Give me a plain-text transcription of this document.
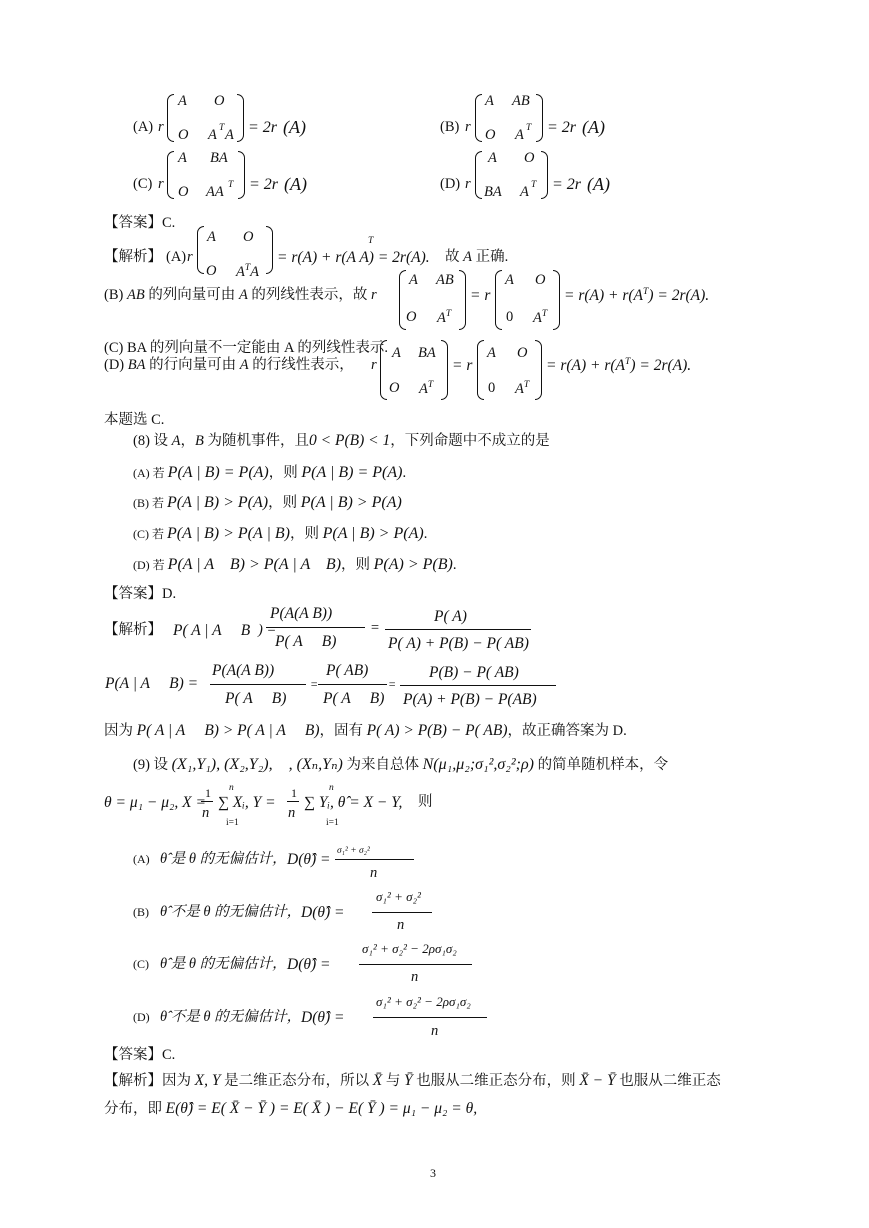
(A) r
A O
O A T A = 2r (A)	(B) r
A AB
O A T = 2r (A)
(C) r
A BA
O AA T = 2r (A)	(D) r
A O
BA A T = 2r (A)
【答案】C.
【解析】 (A) r
A O
O $A^TA$
T
= r(A) + r(A A) = 2r(A). 故 A 正确.
(B) AB 的列向量可由 A 的列线性表示，故 r
A AB
O $A^T$
= r
A O
0 $A^T$
= $r(A) + r(A^T) = 2r(A)$.
(C) BA 的列向量不一定能由 A 的列线性表示.
(D) BA 的行向量可由 A 的行线性表示， r
A BA
O $A^T$
= r
A O
0 $A^T$
= $r(A) + r(A^T) = 2r(A)$.
本题选 C.
(8) 设 A，B 为随机事件，且0 < P(B) < 1，下列命题中不成立的是
(A) 若 P(A | B) = P(A)，则 P(A | B) = P(A).
(B) 若 P(A | B) > P(A)，则 P(A | B) > P(A)
(C) 若 P(A | B) > P(A | B)，则 P(A | B) > P(A).
(D) 若 P(A | A    B) > P(A | A    B)，则 P(A) > P(B).
【答案】D.
【解析】 P( A | A     B ) =
P(A(A B))
P( A     B)
=
P( A)
P( A) + P(B) − P( AB)
P(A | A     B) =
P(A(A B))
P( A     B)
=
P( AB)
P( A     B)
=
P(B) − P( AB)
P(A) + P(B) − P(AB)
因为 P( A | A     B) > P( A | A     B)，固有 P( A) > P(B) − P( AB)，故正确答案为 D.
(9) 设 (X₁,Y₁), (X₂,Y₂),    , (Xₙ,Yₙ) 为来自总体 N(μ₁,μ₂;σ₁²,σ₂²;ρ) 的简单随机样本，令
θ = μ₁ − μ₂, X =
1
n
n
i=1
∑ Xᵢ, Y =
1
n
n
i=1
∑ Yᵢ, θ̂ = X − Y, 则
(A) θ̂ 是 θ 的无偏估计， D(θ̂) = σ₁² + σ₂²
n
(B) θ̂ 不是 θ 的无偏估计， D(θ̂) =
σ₁² + σ₂²
n
(C) θ̂ 是 θ 的无偏估计， D(θ̂) =
σ₁² + σ₂² − 2ρσ₁σ₂
n
(D) θ̂ 不是 θ 的无偏估计， D(θ̂) =
σ₁² + σ₂² − 2ρσ₁σ₂
n
【答案】C.
【解析】因为 X, Y 是二维正态分布，所以 X̄ 与 Ȳ 也服从二维正态分布，则 X̄ − Ȳ 也服从二维正态
分布，即 E(θ̂) = E( X̄ − Ȳ ) = E( X̄ ) − E( Ȳ ) = μ₁ − μ₂ = θ,
3
